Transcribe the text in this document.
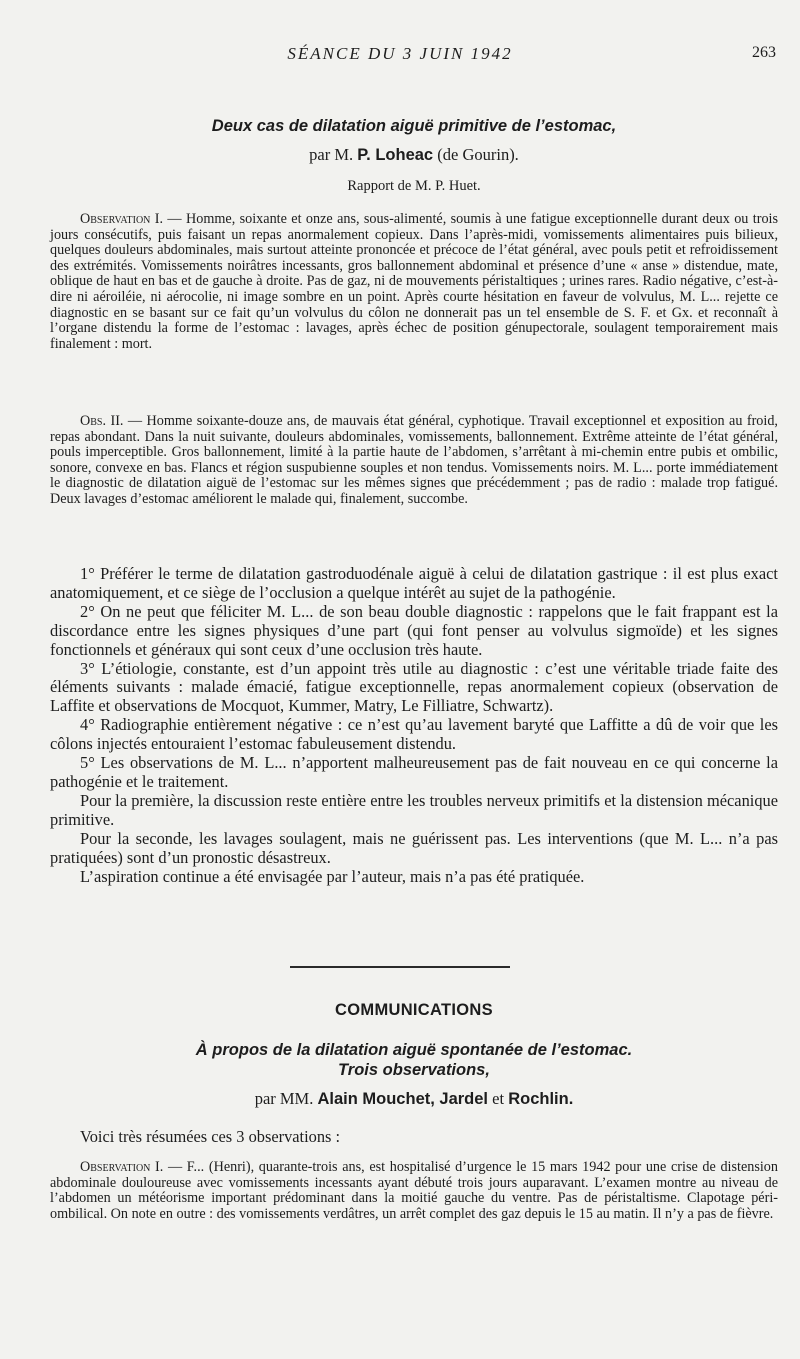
SÉANCE DU 3 JUIN 1942	263
Deux cas de dilatation aiguë primitive de l’estomac,
par M. P. Loheac (de Gourin).
Rapport de M. P. Huet.
Observation I. — Homme, soixante et onze ans, sous-alimenté, soumis à une fatigue exceptionnelle durant deux ou trois jours consécutifs, puis faisant un repas anormalement copieux. Dans l’après-midi, vomissements alimentaires puis bilieux, quelques douleurs abdominales, mais surtout atteinte prononcée et précoce de l’état général, avec pouls petit et refroidissement des extrémités. Vomissements noirâtres incessants, gros ballonnement abdominal et présence d’une « anse » distendue, mate, oblique de haut en bas et de gauche à droite. Pas de gaz, ni de mouvements péristaltiques ; urines rares. Radio négative, c’est-à-dire ni aéroiléie, ni aérocolie, ni image sombre en un point. Après courte hésitation en faveur de volvulus, M. L... rejette ce diagnostic en se basant sur ce fait qu’un volvulus du côlon ne donnerait pas un tel ensemble de S. F. et Gx. et reconnaît à l’organe distendu la forme de l’estomac : lavages, après échec de position génupectorale, soulagent temporairement mais finalement : mort.
Obs. II. — Homme soixante-douze ans, de mauvais état général, cyphotique. Travail exceptionnel et exposition au froid, repas abondant. Dans la nuit suivante, douleurs abdominales, vomissements, ballonnement. Extrême atteinte de l’état général, pouls imperceptible. Gros ballonnement, limité à la partie haute de l’abdomen, s’arrêtant à mi-chemin entre pubis et ombilic, sonore, convexe en bas. Flancs et région suspubienne souples et non tendus. Vomissements noirs. M. L... porte immédiatement le diagnostic de dilatation aiguë de l’estomac sur les mêmes signes que précédemment ; pas de radio : malade trop fatigué. Deux lavages d’estomac améliorent le malade qui, finalement, succombe.

1° Préférer le terme de dilatation gastroduodénale aiguë à celui de dilatation gastrique : il est plus exact anatomiquement, et ce siège de l’occlusion a quelque intérêt au sujet de la pathogénie.

2° On ne peut que féliciter M. L... de son beau double diagnostic : rappelons que le fait frappant est la discordance entre les signes physiques d’une part (qui font penser au volvulus sigmoïde) et les signes fonctionnels et généraux qui sont ceux d’une occlusion très haute.

3° L’étiologie, constante, est d’un appoint très utile au diagnostic : c’est une véritable triade faite des éléments suivants : malade émacié, fatigue exceptionnelle, repas anormalement copieux (observation de Laffite et observations de Mocquot, Kummer, Matry, Le Filliatre, Schwartz).

4° Radiographie entièrement négative : ce n’est qu’au lavement baryté que Laffitte a dû de voir que les côlons injectés entouraient l’estomac fabuleusement distendu.

5° Les observations de M. L... n’apportent malheureusement pas de fait nouveau en ce qui concerne la pathogénie et le traitement.

Pour la première, la discussion reste entière entre les troubles nerveux primitifs et la distension mécanique primitive.

Pour la seconde, les lavages soulagent, mais ne guérissent pas. Les interventions (que M. L... n’a pas pratiquées) sont d’un pronostic désastreux.

L’aspiration continue a été envisagée par l’auteur, mais n’a pas été pratiquée.

COMMUNICATIONS
À propos de la dilatation aiguë spontanée de l’estomac.
Trois observations,
par MM. Alain Mouchet, Jardel et Rochlin.
Voici très résumées ces 3 observations :
Observation I. — F... (Henri), quarante-trois ans, est hospitalisé d’urgence le 15 mars 1942 pour une crise de distension abdominale douloureuse avec vomissements incessants ayant débuté trois jours auparavant. L’examen montre au niveau de l’abdomen un météorisme important prédominant dans la moitié gauche du ventre. Pas de péristaltisme. Clapotage péri-ombilical. On note en outre : des vomissements verdâtres, un arrêt complet des gaz depuis le 15 au matin. Il n’y a pas de fièvre.
